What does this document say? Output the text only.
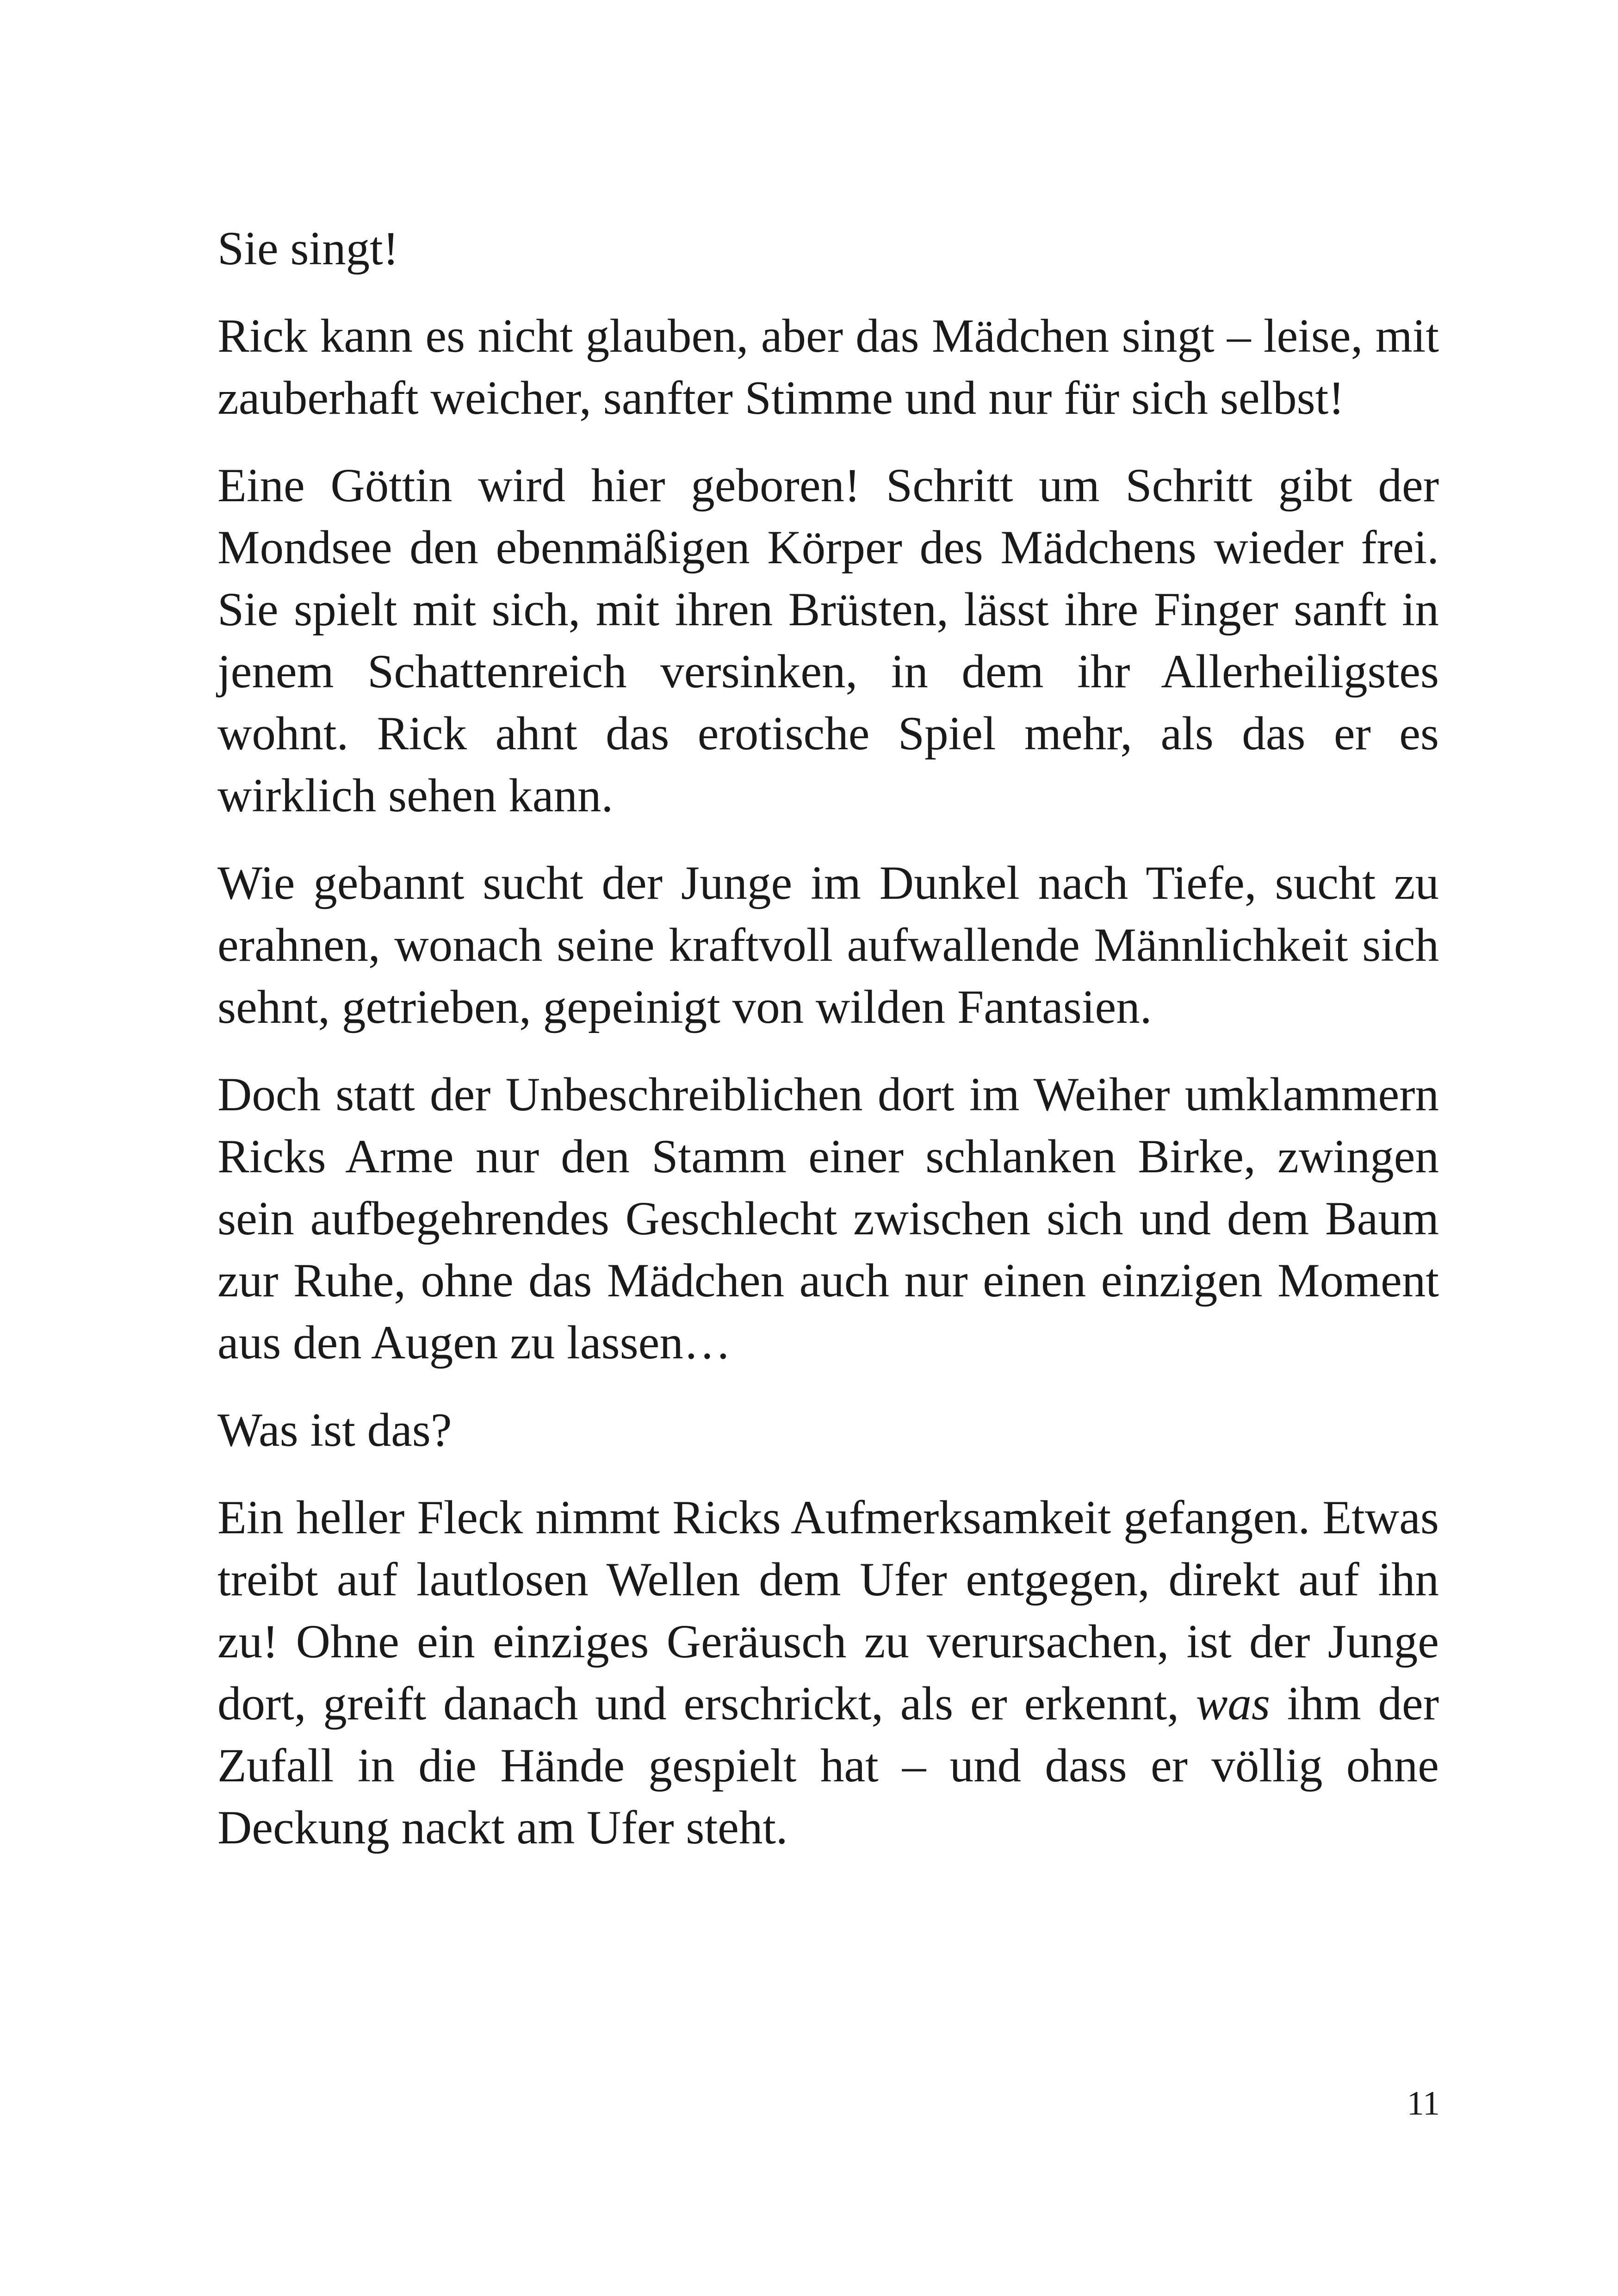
Sie singt!

Rick kann es nicht glauben, aber das Mädchen singt – leise, mit zauberhaft weicher, sanfter Stimme und nur für sich selbst!

Eine Göttin wird hier geboren! Schritt um Schritt gibt der Mondsee den ebenmäßigen Körper des Mädchens wieder frei. Sie spielt mit sich, mit ihren Brüsten, lässt ihre Finger sanft in jenem Schattenreich versinken, in dem ihr Allerheiligstes wohnt. Rick ahnt das erotische Spiel mehr, als das er es wirklich sehen kann.

Wie gebannt sucht der Junge im Dunkel nach Tiefe, sucht zu erahnen, wonach seine kraftvoll aufwallende Männlichkeit sich sehnt, getrieben, gepeinigt von wilden Fantasien.

Doch statt der Unbeschreiblichen dort im Weiher umklammern Ricks Arme nur den Stamm einer schlanken Birke, zwingen sein aufbegehrendes Geschlecht zwischen sich und dem Baum zur Ruhe, ohne das Mädchen auch nur einen einzigen Moment aus den Augen zu lassen…

Was ist das?

Ein heller Fleck nimmt Ricks Aufmerksamkeit gefangen. Etwas treibt auf lautlosen Wellen dem Ufer entgegen, direkt auf ihn zu! Ohne ein einziges Geräusch zu verursachen, ist der Junge dort, greift danach und erschrickt, als er erkennt, was ihm der Zufall in die Hände gespielt hat – und dass er völlig ohne Deckung nackt am Ufer steht.

11
